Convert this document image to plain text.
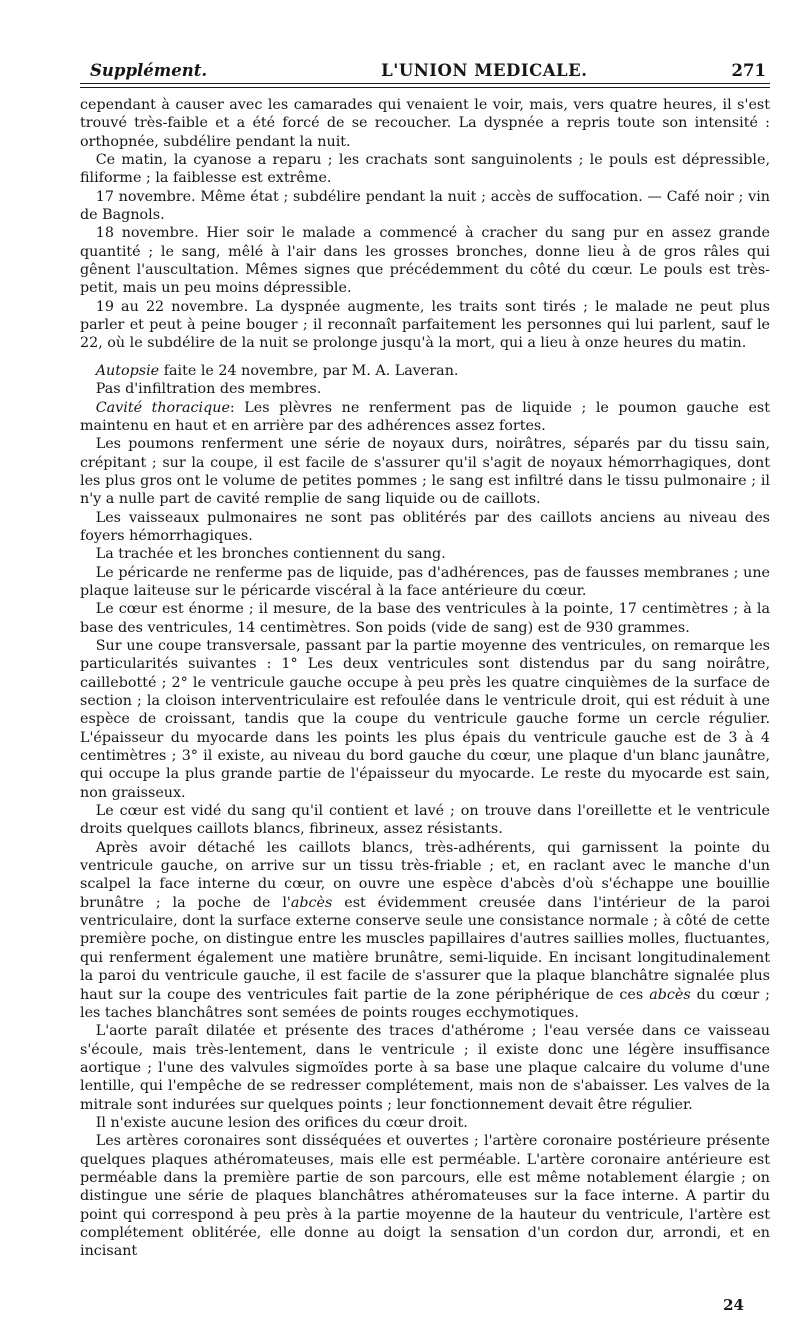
Supplément.	L'UNION MEDICALE.	271

cependant à causer avec les camarades qui venaient le voir, mais, vers quatre heures, il s'est trouvé très-faible et a été forcé de se recoucher. La dyspnée a repris toute son intensité : orthopnée, subdélire pendant la nuit.

Ce matin, la cyanose a reparu ; les crachats sont sanguinolents ; le pouls est dépressible, filiforme ; la faiblesse est extrême.

17 novembre. Même état ; subdélire pendant la nuit ; accès de suffocation. — Café noir ; vin de Bagnols.

18 novembre. Hier soir le malade a commencé à cracher du sang pur en assez grande quantité ; le sang, mêlé à l'air dans les grosses bronches, donne lieu à de gros râles qui gênent l'auscultation. Mêmes signes que précédemment du côté du cœur. Le pouls est très-petit, mais un peu moins dépressible.

19 au 22 novembre. La dyspnée augmente, les traits sont tirés ; le malade ne peut plus parler et peut à peine bouger ; il reconnaît parfaitement les personnes qui lui parlent, sauf le 22, où le subdélire de la nuit se prolonge jusqu'à la mort, qui a lieu à onze heures du matin.

Autopsie faite le 24 novembre, par M. A. Laveran.

Pas d'infiltration des membres.

Cavité thoracique: Les plèvres ne renferment pas de liquide ; le poumon gauche est maintenu en haut et en arrière par des adhérences assez fortes.

Les poumons renferment une série de noyaux durs, noirâtres, séparés par du tissu sain, crépitant ; sur la coupe, il est facile de s'assurer qu'il s'agit de noyaux hémorrhagiques, dont les plus gros ont le volume de petites pommes ; le sang est infiltré dans le tissu pulmonaire ; il n'y a nulle part de cavité remplie de sang liquide ou de caillots.

Les vaisseaux pulmonaires ne sont pas oblitérés par des caillots anciens au niveau des foyers hémorrhagiques.

La trachée et les bronches contiennent du sang.

Le péricarde ne renferme pas de liquide, pas d'adhérences, pas de fausses membranes ; une plaque laiteuse sur le péricarde viscéral à la face antérieure du cœur.

Le cœur est énorme ; il mesure, de la base des ventricules à la pointe, 17 centimètres ; à la base des ventricules, 14 centimètres. Son poids (vide de sang) est de 930 grammes.

Sur une coupe transversale, passant par la partie moyenne des ventricules, on remarque les particularités suivantes : 1° Les deux ventricules sont distendus par du sang noirâtre, caillebotté ; 2° le ventricule gauche occupe à peu près les quatre cinquièmes de la surface de section ; la cloison interventriculaire est refoulée dans le ventricule droit, qui est réduit à une espèce de croissant, tandis que la coupe du ventricule gauche forme un cercle régulier. L'épaisseur du myocarde dans les points les plus épais du ventricule gauche est de 3 à 4 centimètres ; 3° il existe, au niveau du bord gauche du cœur, une plaque d'un blanc jaunâtre, qui occupe la plus grande partie de l'épaisseur du myocarde. Le reste du myocarde est sain, non graisseux.

Le cœur est vidé du sang qu'il contient et lavé ; on trouve dans l'oreillette et le ventricule droits quelques caillots blancs, fibrineux, assez résistants.

Après avoir détaché les caillots blancs, très-adhérents, qui garnissent la pointe du ventricule gauche, on arrive sur un tissu très-friable ; et, en raclant avec le manche d'un scalpel la face interne du cœur, on ouvre une espèce d'abcès d'où s'échappe une bouillie brunâtre ; la poche de l'abcès est évidemment creusée dans l'intérieur de la paroi ventriculaire, dont la surface externe conserve seule une consistance normale ; à côté de cette première poche, on distingue entre les muscles papillaires d'autres saillies molles, fluctuantes, qui renferment également une matière brunâtre, semi-liquide. En incisant longitudinalement la paroi du ventricule gauche, il est facile de s'assurer que la plaque blanchâtre signalée plus haut sur la coupe des ventricules fait partie de la zone périphérique de ces abcès du cœur ; les taches blanchâtres sont semées de points rouges ecchymotiques.

L'aorte paraît dilatée et présente des traces d'athérome ; l'eau versée dans ce vaisseau s'écoule, mais très-lentement, dans le ventricule ; il existe donc une légère insuffisance aortique ; l'une des valvules sigmoïdes porte à sa base une plaque calcaire du volume d'une lentille, qui l'empêche de se redresser complétement, mais non de s'abaisser. Les valves de la mitrale sont indurées sur quelques points ; leur fonctionnement devait être régulier.

Il n'existe aucune lesion des orifices du cœur droit.

Les artères coronaires sont disséquées et ouvertes ; l'artère coronaire postérieure présente quelques plaques athéromateuses, mais elle est perméable. L'artère coronaire antérieure est perméable dans la première partie de son parcours, elle est même notablement élargie ; on distingue une série de plaques blanchâtres athéromateuses sur la face interne. A partir du point qui correspond à peu près à la partie moyenne de la hauteur du ventricule, l'artère est complétement oblitérée, elle donne au doigt la sensation d'un cordon dur, arrondi, et en incisant

24
